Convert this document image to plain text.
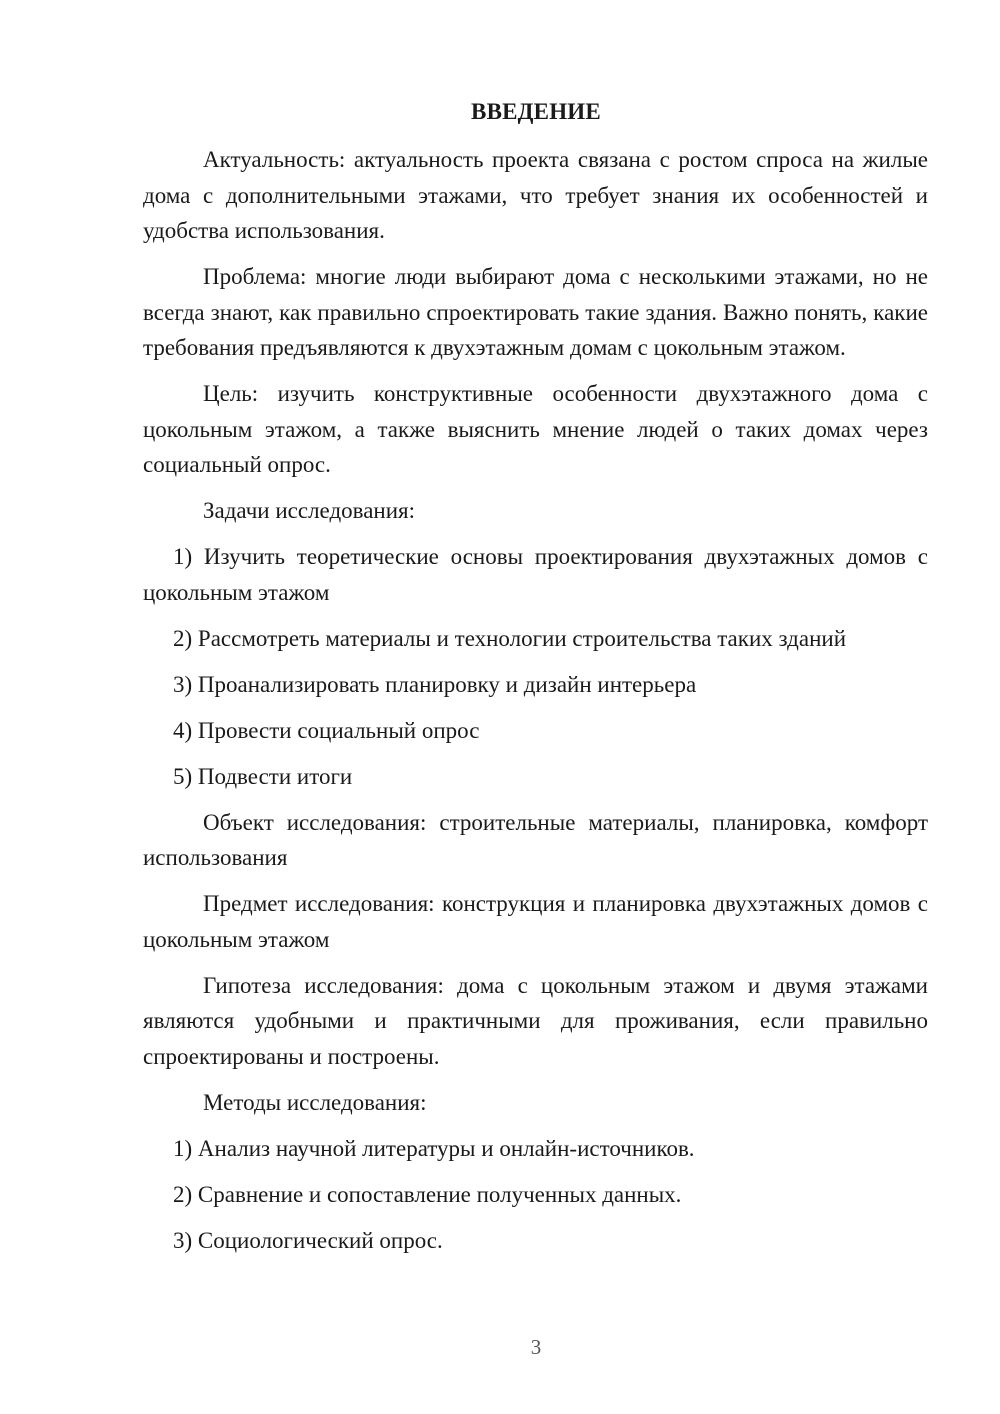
ВВЕДЕНИЕ

Актуальность: актуальность проекта связана с ростом спроса на жилые дома с дополнительными этажами, что требует знания их особенностей и удобства использования.

Проблема: многие люди выбирают дома с несколькими этажами, но не всегда знают, как правильно спроектировать такие здания. Важно понять, какие требования предъявляются к двухэтажным домам с цокольным этажом.

Цель: изучить конструктивные особенности двухэтажного дома с цокольным этажом, а также выяснить мнение людей о таких домах через социальный опрос.

Задачи исследования:

1) Изучить теоретические основы проектирования двухэтажных домов с цокольным этажом

2) Рассмотреть материалы и технологии строительства таких зданий

3) Проанализировать планировку и дизайн интерьера

4) Провести социальный опрос

5) Подвести итоги

Объект исследования: строительные материалы, планировка, комфорт использования

Предмет исследования: конструкция и планировка двухэтажных домов с цокольным этажом

Гипотеза исследования: дома с цокольным этажом и двумя этажами являются удобными и практичными для проживания, если правильно спроектированы и построены.

Методы исследования:

1) Анализ научной литературы и онлайн-источников.

2) Сравнение и сопоставление полученных данных.

3) Социологический опрос.

3
